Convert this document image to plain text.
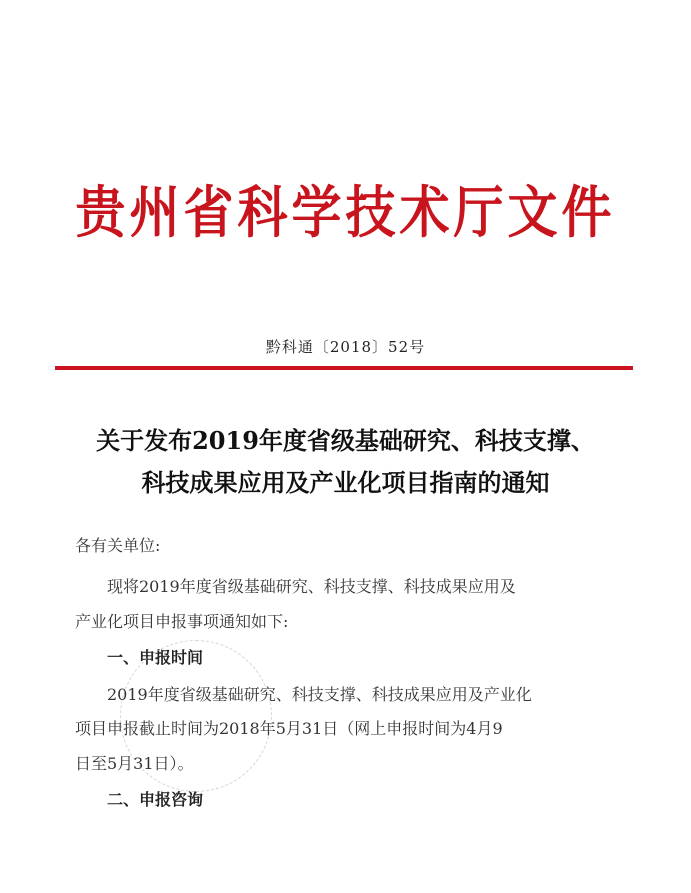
贵州省科学技术厅文件
黔科通〔2018〕52号
关于发布2019年度省级基础研究、科技支撑、
科技成果应用及产业化项目指南的通知
各有关单位:
现将2019年度省级基础研究、科技支撑、科技成果应用及
产业化项目申报事项通知如下:
一、申报时间
2019年度省级基础研究、科技支撑、科技成果应用及产业化
项目申报截止时间为2018年5月31日（网上申报时间为4月9
日至5月31日）。
二、申报咨询
